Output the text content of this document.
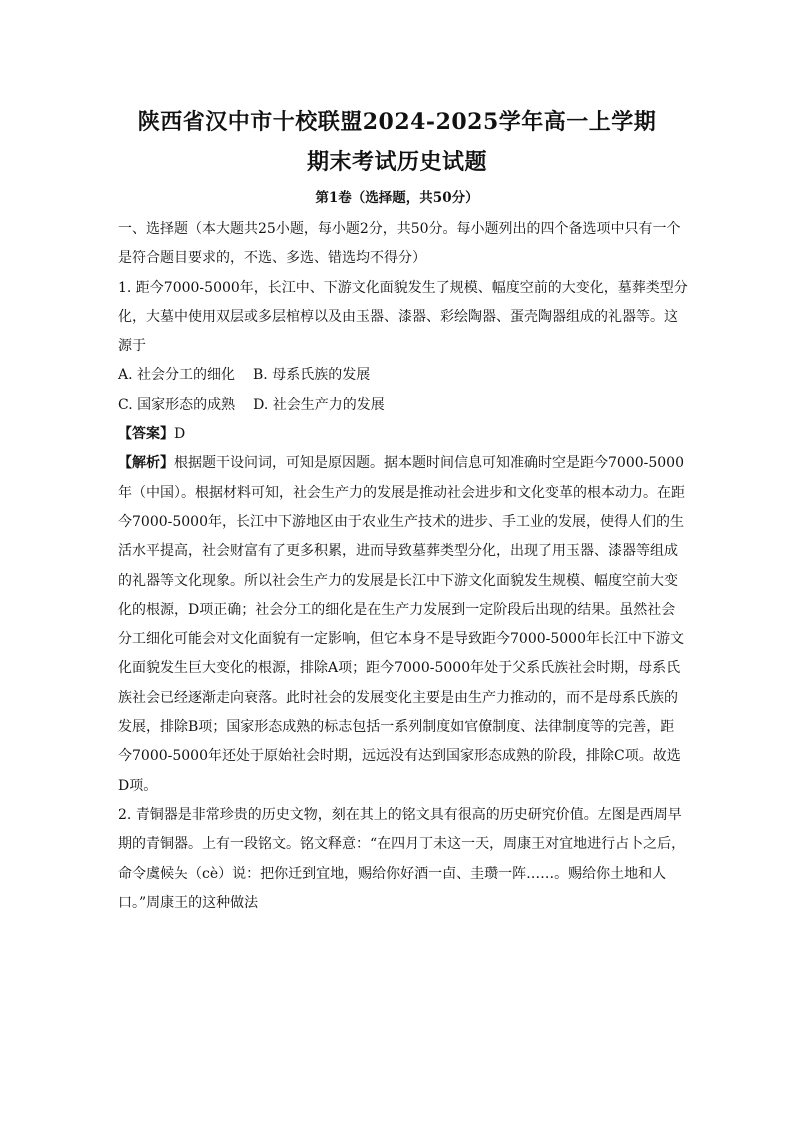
陕西省汉中市十校联盟2024-2025学年高一上学期
期末考试历史试题
第1卷（选择题，共50分）

一、选择题（本大题共25小题，每小题2分，共50分。每小题列出的四个备选项中只有一个是符合题目要求的，不选、多选、错选均不得分）

1. 距今7000-5000年，长江中、下游文化面貌发生了规模、幅度空前的大变化，墓葬类型分化，大墓中使用双层或多层棺椁以及由玉器、漆器、彩绘陶器、蛋壳陶器组成的礼器等。这源于

A. 社会分工的细化 B. 母系氏族的发展
C. 国家形态的成熟 D. 社会生产力的发展

【答案】D

【解析】根据题干设问词，可知是原因题。据本题时间信息可知准确时空是距今7000-5000年（中国）。根据材料可知，社会生产力的发展是推动社会进步和文化变革的根本动力。在距今7000-5000年，长江中下游地区由于农业生产技术的进步、手工业的发展，使得人们的生活水平提高，社会财富有了更多积累，进而导致墓葬类型分化，出现了用玉器、漆器等组成的礼器等文化现象。所以社会生产力的发展是长江中下游文化面貌发生规模、幅度空前大变化的根源，D项正确；社会分工的细化是在生产力发展到一定阶段后出现的结果。虽然社会分工细化可能会对文化面貌有一定影响，但它本身不是导致距今7000-5000年长江中下游文化面貌发生巨大变化的根源，排除A项；距今7000-5000年处于父系氏族社会时期，母系氏族社会已经逐渐走向衰落。此时社会的发展变化主要是由生产力推动的，而不是母系氏族的发展，排除B项；国家形态成熟的标志包括一系列制度如官僚制度、法律制度等的完善，距今7000-5000年还处于原始社会时期，远远没有达到国家形态成熟的阶段，排除C项。故选D项。

2. 青铜器是非常珍贵的历史文物，刻在其上的铭文具有很高的历史研究价值。左图是西周早期的青铜器。上有一段铭文。铭文释意：“在四月丁未这一天，周康王对宜地进行占卜之后，命令虞候夨（cè）说：把你迁到宜地，赐给你好酒一卣、圭瓒一阵……。赐给你土地和人口。”周康王的这种做法
